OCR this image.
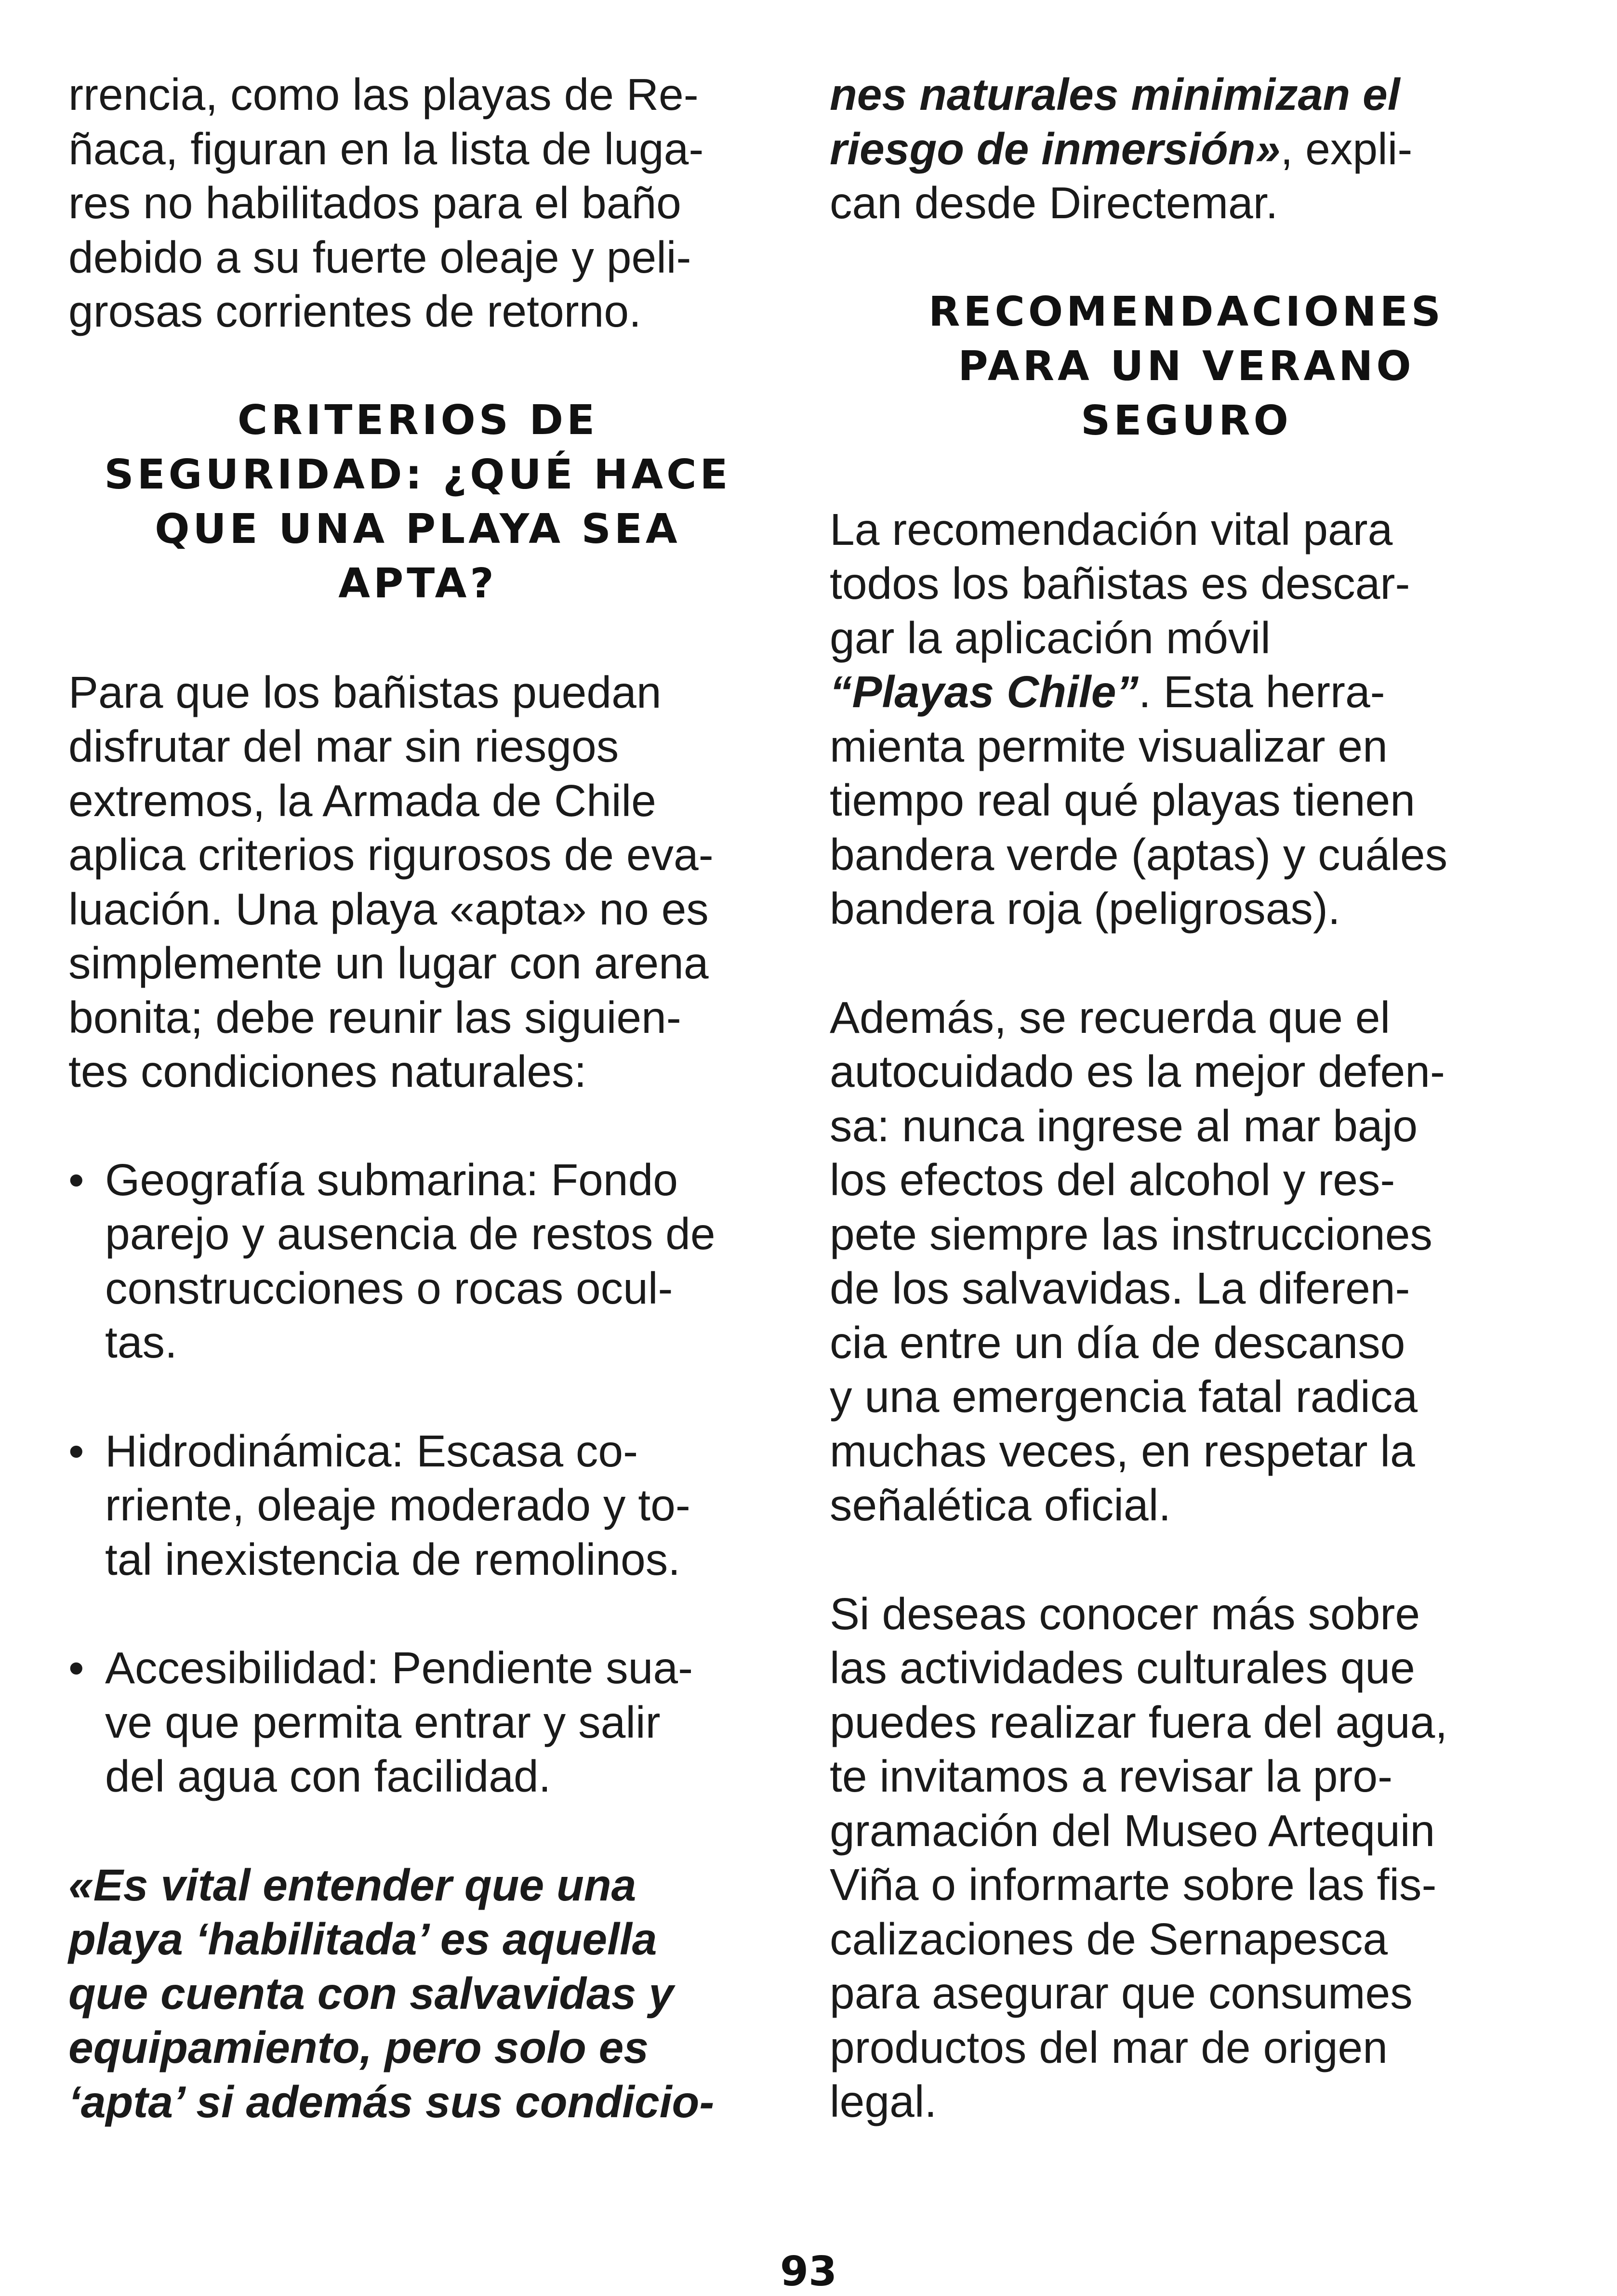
rrencia, como las playas de Re-
ñaca, figuran en la lista de luga-
res no habilitados para el baño
debido a su fuerte oleaje y peli-
grosas corrientes de retorno.
CRITERIOS DE
SEGURIDAD: ¿QUÉ HACE
QUE UNA PLAYA SEA
APTA?
Para que los bañistas puedan
disfrutar del mar sin riesgos
extremos, la Armada de Chile
aplica criterios rigurosos de eva-
luación. Una playa «apta» no es
simplemente un lugar con arena
bonita; debe reunir las siguien-
tes condiciones naturales:
• Geografía submarina: Fondo
parejo y ausencia de restos de
construcciones o rocas ocul-
tas.
• Hidrodinámica: Escasa co-
rriente, oleaje moderado y to-
tal inexistencia de remolinos.
• Accesibilidad: Pendiente sua-
ve que permita entrar y salir
del agua con facilidad.
«Es vital entender que una
playa ‘habilitada’ es aquella
que cuenta con salvavidas y
equipamiento, pero solo es
‘apta’ si además sus condicio-
nes naturales minimizan el
riesgo de inmersión», expli-
can desde Directemar.
RECOMENDACIONES
PARA UN VERANO
SEGURO
La recomendación vital para
todos los bañistas es descar-
gar la aplicación móvil
“Playas Chile”. Esta herra-
mienta permite visualizar en
tiempo real qué playas tienen
bandera verde (aptas) y cuáles
bandera roja (peligrosas).
Además, se recuerda que el
autocuidado es la mejor defen-
sa: nunca ingrese al mar bajo
los efectos del alcohol y res-
pete siempre las instrucciones
de los salvavidas. La diferen-
cia entre un día de descanso
y una emergencia fatal radica
muchas veces, en respetar la
señalética oficial.
Si deseas conocer más sobre
las actividades culturales que
puedes realizar fuera del agua,
te invitamos a revisar la pro-
gramación del Museo Artequin
Viña o informarte sobre las fis-
calizaciones de Sernapesca
para asegurar que consumes
productos del mar de origen
legal.
93
